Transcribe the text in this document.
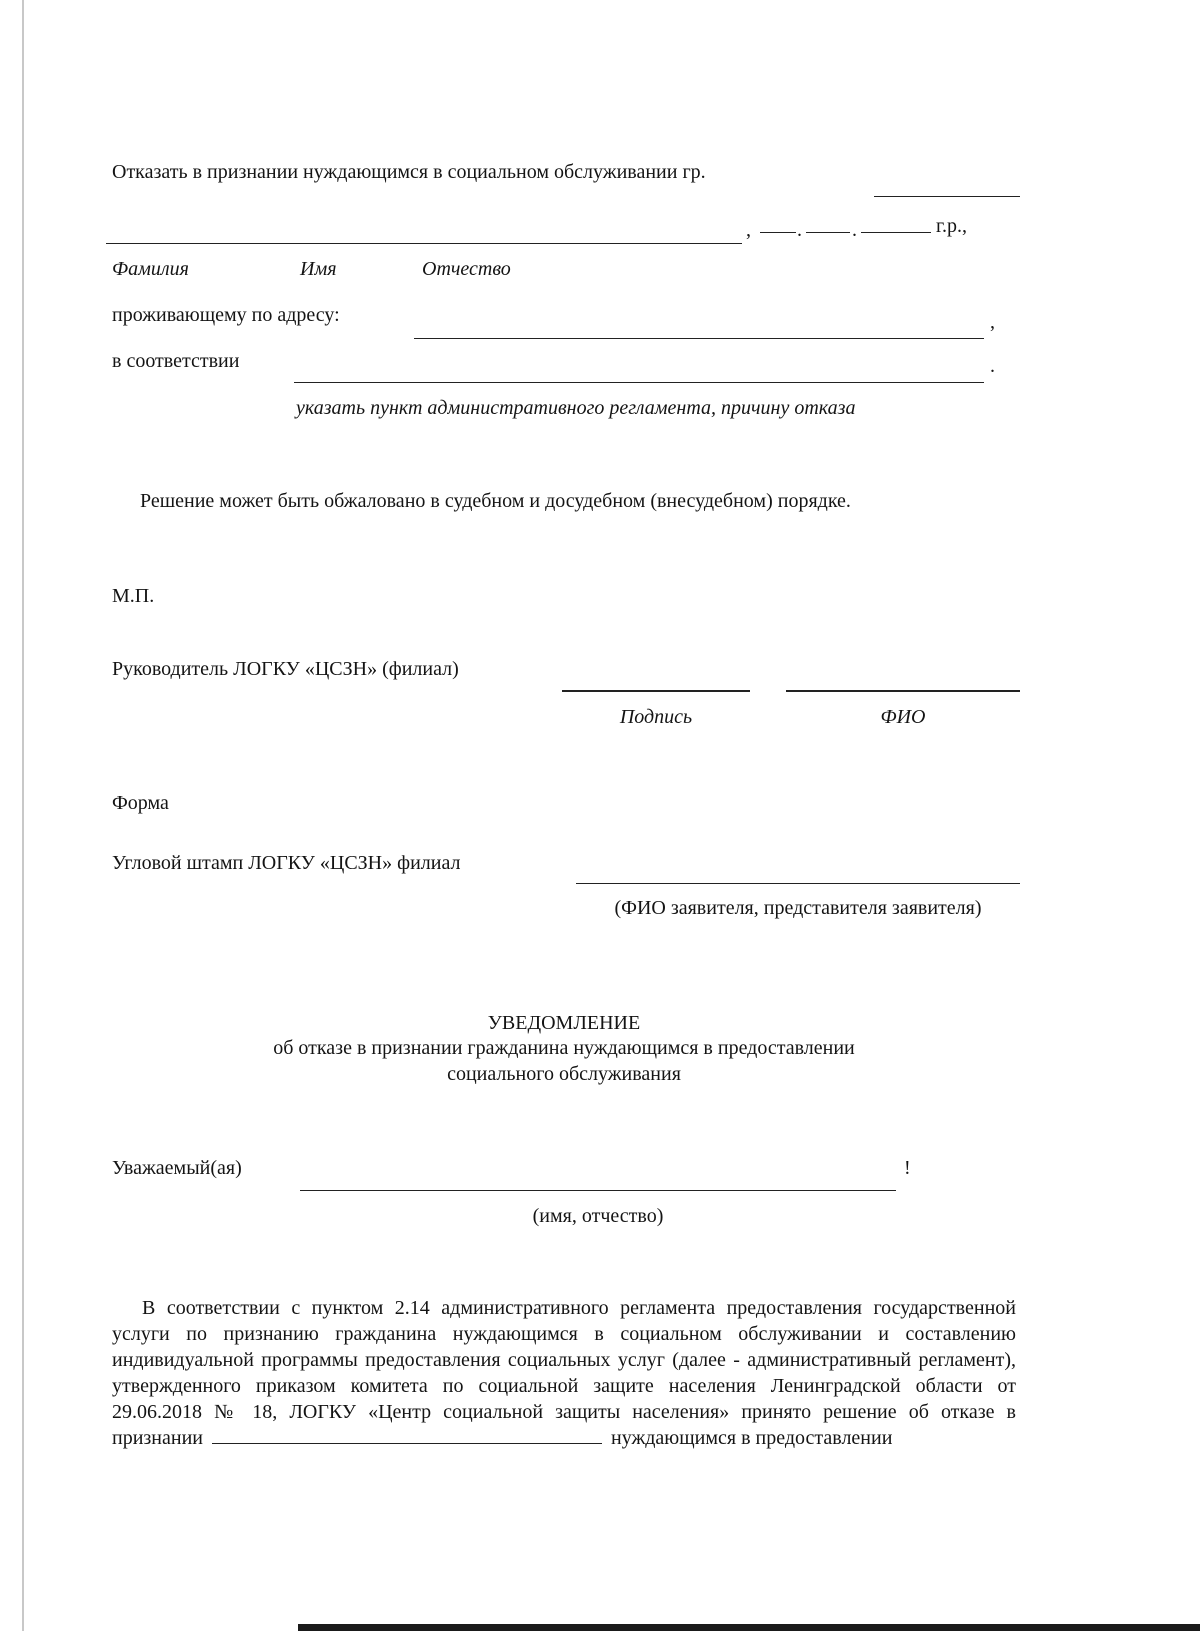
Отказать в признании нуждающимся в социальном обслуживании гр.
, .	.	г.р.,
Фамилия	Имя	Отчество
проживающему по адресу:	,
в соответствии	.
указать пункт административного регламента, причину отказа
Решение может быть обжаловано в судебном и досудебном (внесудебном) порядке.
М.П.
Руководитель ЛОГКУ «ЦСЗН» (филиал)
Подпись	ФИО
Форма
Угловой штамп ЛОГКУ «ЦСЗН» филиал
(ФИО заявителя, представителя заявителя)
УВЕДОМЛЕНИЕ
об отказе в признании гражданина нуждающимся в предоставлении
социального обслуживания
Уважаемый(ая)	!
(имя, отчество)
В соответствии с пунктом 2.14 административного регламента предоставления государственной услуги по признанию гражданина нуждающимся в социальном обслуживании и составлению индивидуальной программы предоставления социальных услуг (далее - административный регламент), утвержденного приказом комитета по социальной защите населения Ленинградской области от 29.06.2018 № 18, ЛОГКУ «Центр социальной защиты населения» принято решение об отказе в признании	нуждающимся в предоставлении
